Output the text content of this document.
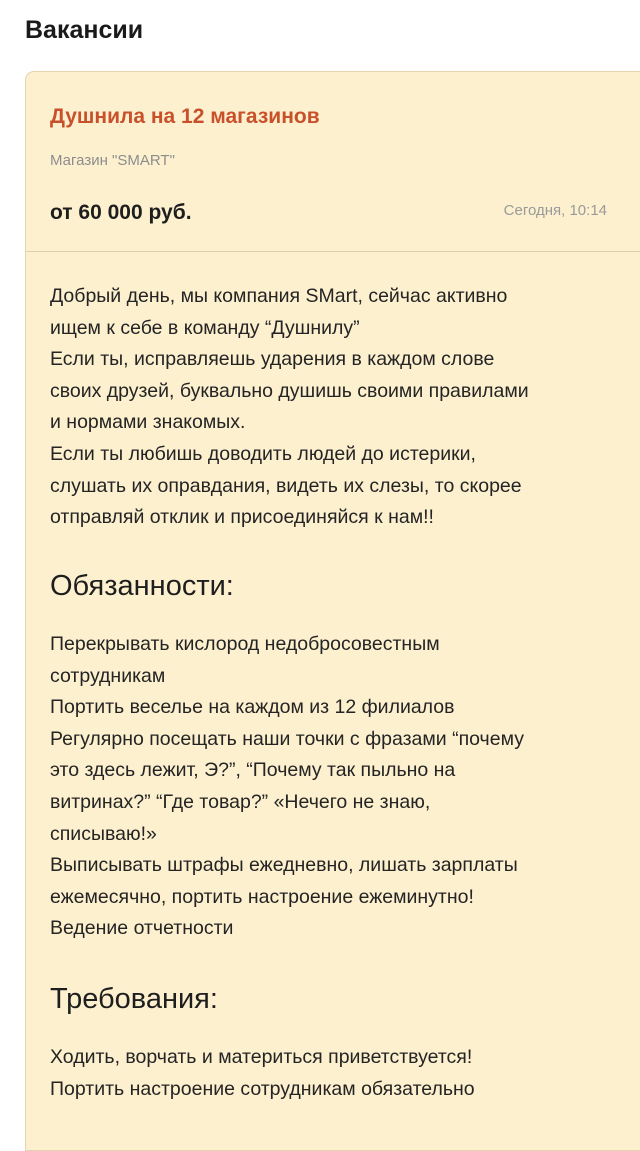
Вакансии
Душнила на 12 магазинов
Магазин "SMART"
от 60 000 руб.	Сегодня, 10:14
Добрый день, мы компания SMart, сейчас активно
ищем к себе в команду “Душнилу”
Если ты, исправляешь ударения в каждом слове
своих друзей, буквально душишь своими правилами
и нормами знакомых.
Если ты любишь доводить людей до истерики,
слушать их оправдания, видеть их слезы, то скорее
отправляй отклик и присоединяйся к нам!!
Обязанности:
Перекрывать кислород недобросовестным
сотрудникам
Портить веселье на каждом из 12 филиалов
Регулярно посещать наши точки с фразами “почему
это здесь лежит, Э?”, “Почему так пыльно на
витринах?” “Где товар?” «Нечего не знаю,
списываю!»
Выписывать штрафы ежедневно, лишать зарплаты
ежемесячно, портить настроение ежеминутно!
Ведение отчетности
Требования:
Ходить, ворчать и материться приветствуется!
Портить настроение сотрудникам обязательно
